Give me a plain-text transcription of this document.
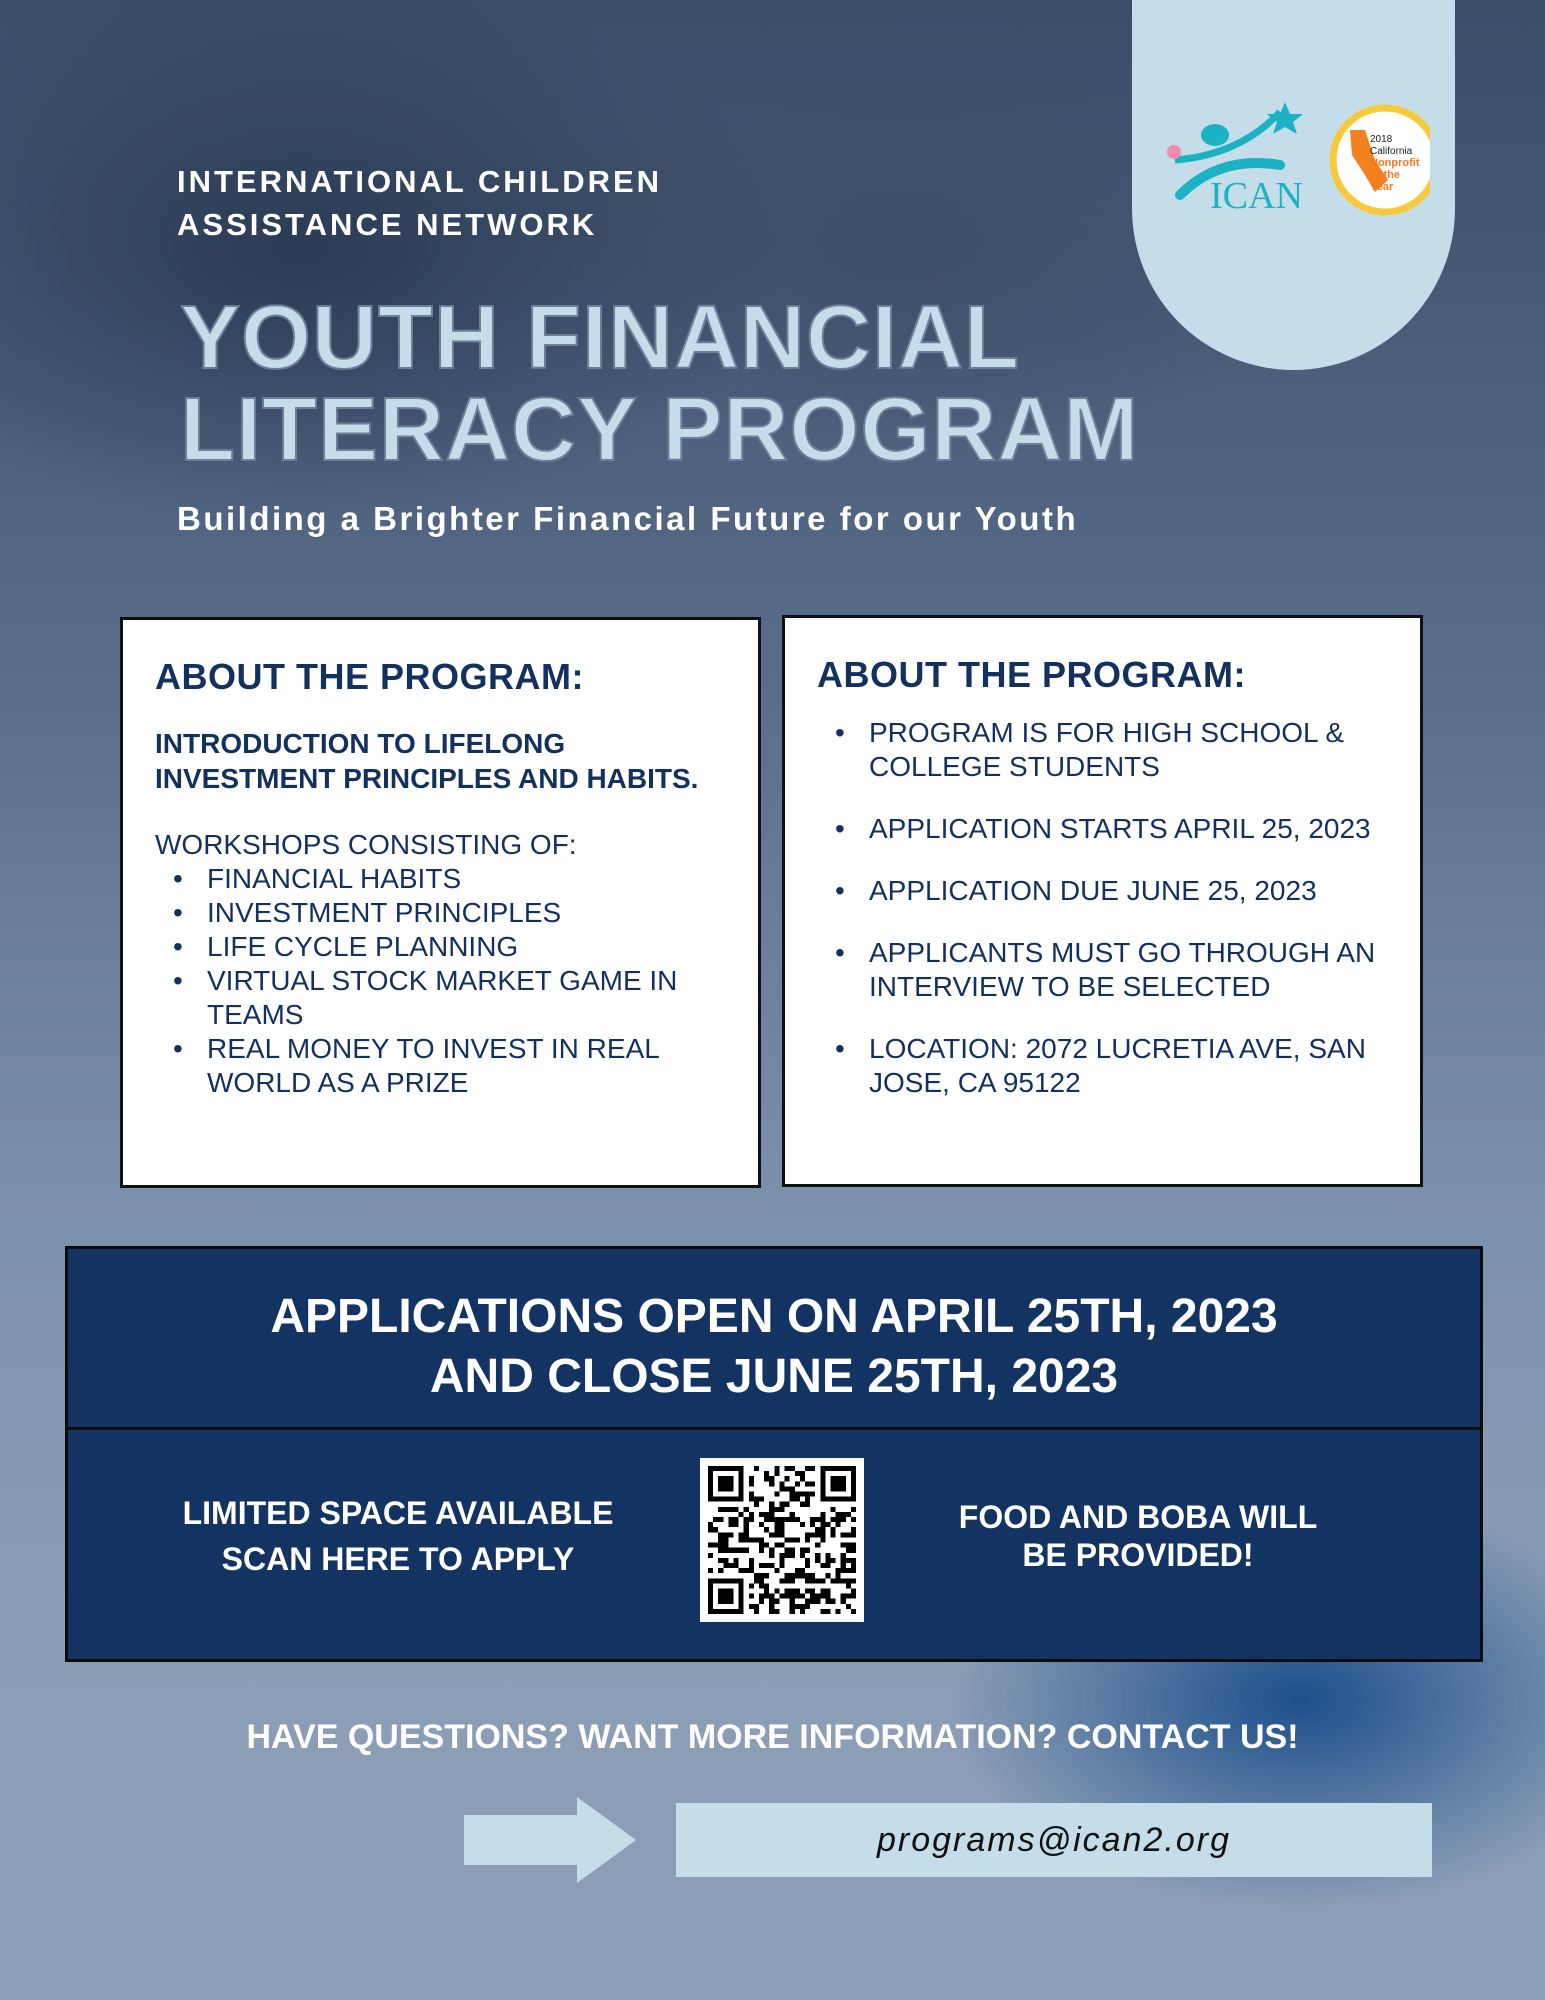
ICAN
2018
California
Nonprofit
of the
Year
INTERNATIONAL CHILDREN
ASSISTANCE NETWORK
YOUTH FINANCIAL
LITERACY PROGRAM
Building a Brighter Financial Future for our Youth
ABOUT THE PROGRAM:
INTRODUCTION TO LIFELONG INVESTMENT PRINCIPLES AND HABITS.
WORKSHOPS CONSISTING OF:
• FINANCIAL HABITS
• INVESTMENT PRINCIPLES
• LIFE CYCLE PLANNING
• VIRTUAL STOCK MARKET GAME IN TEAMS
• REAL MONEY TO INVEST IN REAL WORLD AS A PRIZE
ABOUT THE PROGRAM:
• PROGRAM IS FOR HIGH SCHOOL & COLLEGE STUDENTS
• APPLICATION STARTS APRIL 25, 2023
• APPLICATION DUE JUNE 25, 2023
• APPLICANTS MUST GO THROUGH AN INTERVIEW TO BE SELECTED
• LOCATION: 2072 LUCRETIA AVE, SAN JOSE, CA 95122
APPLICATIONS OPEN ON APRIL 25TH, 2023
AND CLOSE JUNE 25TH, 2023
LIMITED SPACE AVAILABLE
SCAN HERE TO APPLY
FOOD AND BOBA WILL
BE PROVIDED!
HAVE QUESTIONS? WANT MORE INFORMATION? CONTACT US!
programs@ican2.org
